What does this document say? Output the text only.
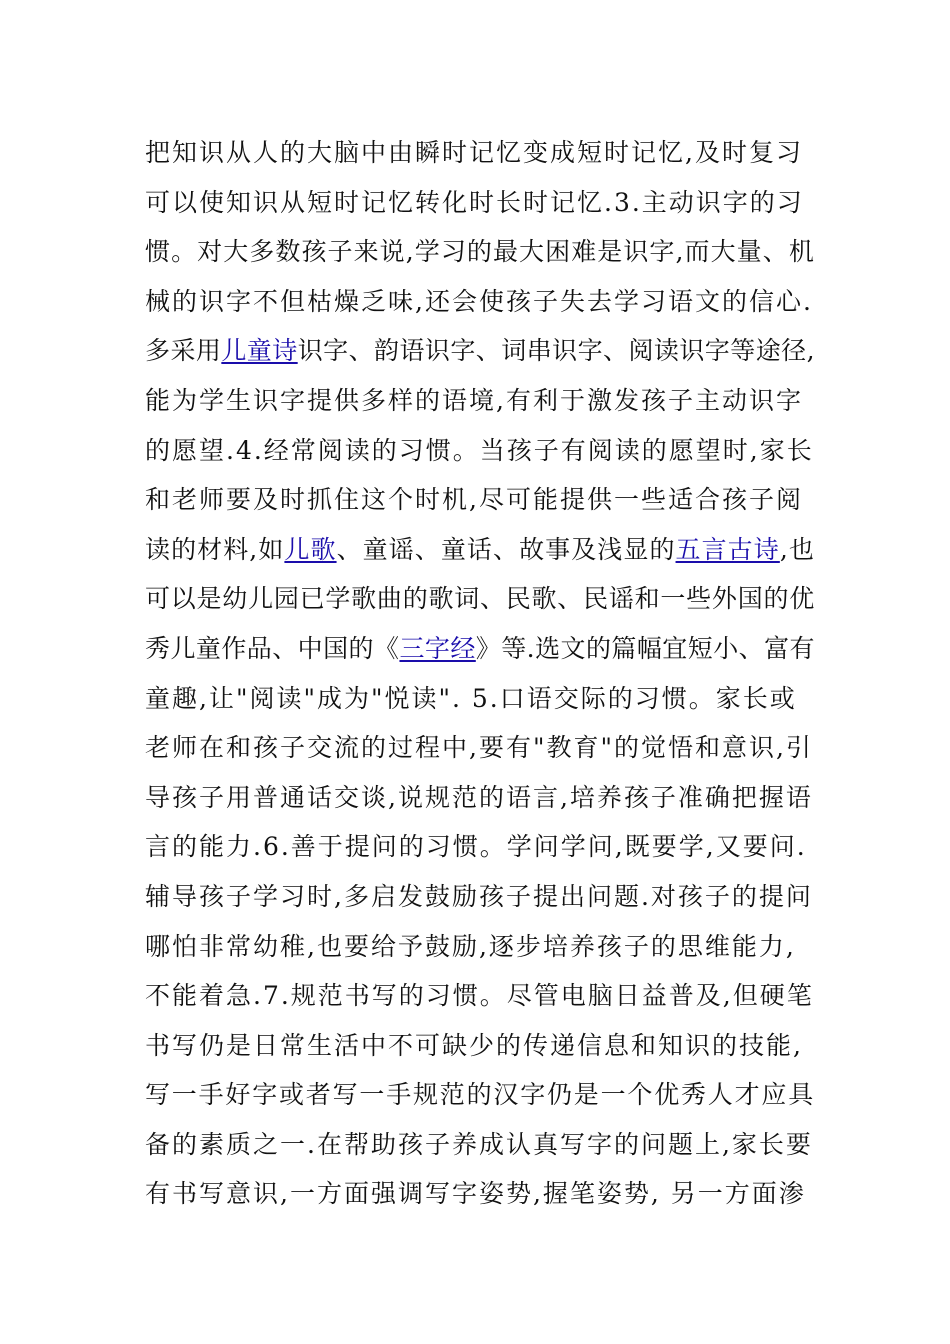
把知识从人的大脑中由瞬时记忆变成短时记忆,及时复习
可以使知识从短时记忆转化时长时记忆.3.主动识字的习
惯。对大多数孩子来说,学习的最大困难是识字,而大量、机
械的识字不但枯燥乏味,还会使孩子失去学习语文的信心.
多采用儿童诗识字、韵语识字、词串识字、阅读识字等途径,
能为学生识字提供多样的语境,有利于激发孩子主动识字
的愿望.4.经常阅读的习惯。当孩子有阅读的愿望时,家长
和老师要及时抓住这个时机,尽可能提供一些适合孩子阅
读的材料,如儿歌、童谣、童话、故事及浅显的五言古诗,也
可以是幼儿园已学歌曲的歌词、民歌、民谣和一些外国的优
秀儿童作品、中国的《三字经》等.选文的篇幅宜短小、富有
童趣,让"阅读"成为"悦读". 5.口语交际的习惯。家长或
老师在和孩子交流的过程中,要有"教育"的觉悟和意识,引
导孩子用普通话交谈,说规范的语言,培养孩子准确把握语
言的能力.6.善于提问的习惯。学问学问,既要学,又要问.
辅导孩子学习时,多启发鼓励孩子提出问题.对孩子的提问
哪怕非常幼稚,也要给予鼓励,逐步培养孩子的思维能力,
不能着急.7.规范书写的习惯。尽管电脑日益普及,但硬笔
书写仍是日常生活中不可缺少的传递信息和知识的技能,
写一手好字或者写一手规范的汉字仍是一个优秀人才应具
备的素质之一.在帮助孩子养成认真写字的问题上,家长要
有书写意识,一方面强调写字姿势,握笔姿势, 另一方面渗
